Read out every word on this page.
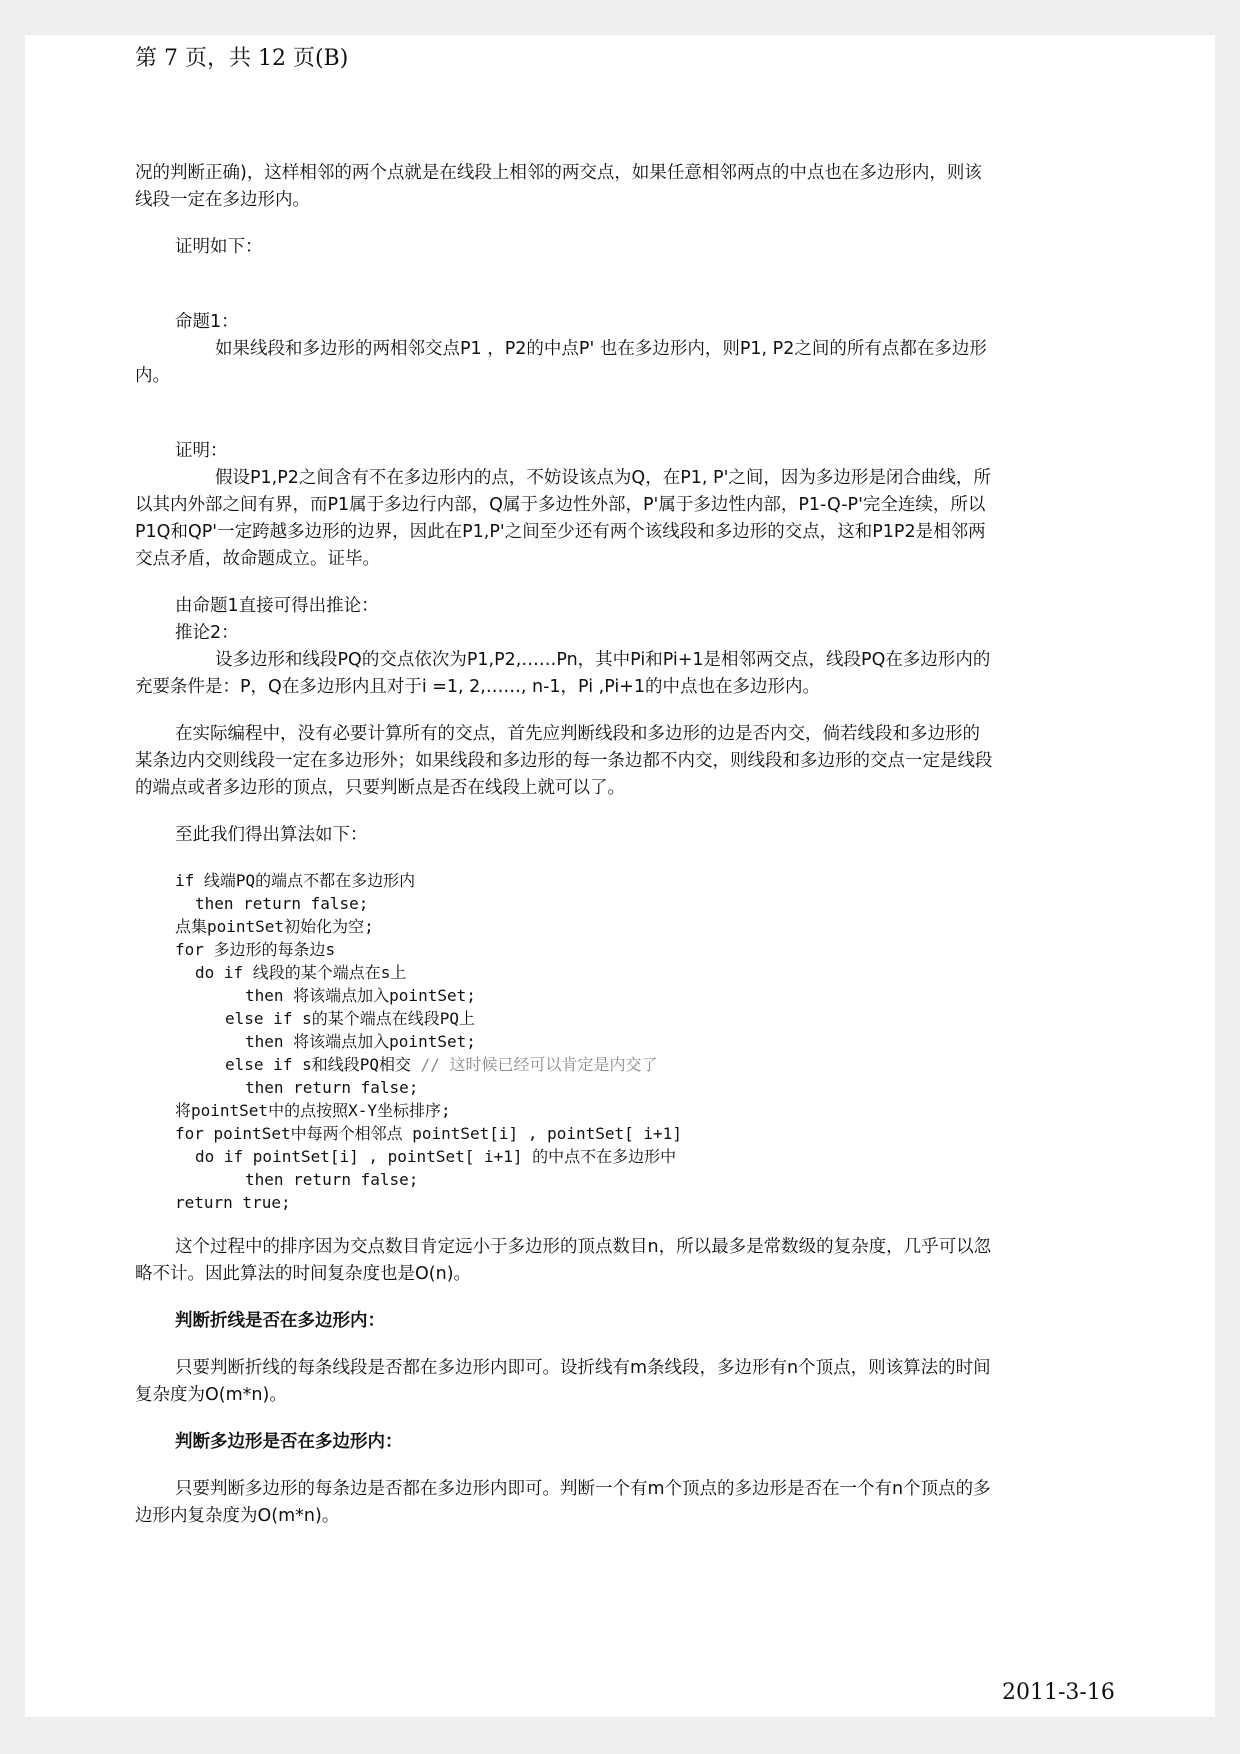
第 7 页，共 12 页(B)

况的判断正确)，这样相邻的两个点就是在线段上相邻的两交点，如果任意相邻两点的中点也在多边形内，则该线段一定在多边形内。

证明如下：

命题1：

如果线段和多边形的两相邻交点P1 ，P2的中点P' 也在多边形内，则P1, P2之间的所有点都在多边形内。

证明：

假设P1,P2之间含有不在多边形内的点，不妨设该点为Q，在P1, P'之间，因为多边形是闭合曲线，所以其内外部之间有界，而P1属于多边行内部，Q属于多边性外部，P'属于多边性内部，P1-Q-P'完全连续，所以P1Q和QP'一定跨越多边形的边界，因此在P1,P'之间至少还有两个该线段和多边形的交点，这和P1P2是相邻两交点矛盾，故命题成立。证毕。

由命题1直接可得出推论：

推论2：

设多边形和线段PQ的交点依次为P1,P2,……Pn，其中Pi和Pi+1是相邻两交点，线段PQ在多边形内的充要条件是：P，Q在多边形内且对于i =1, 2,……, n-1，Pi ,Pi+1的中点也在多边形内。

在实际编程中，没有必要计算所有的交点，首先应判断线段和多边形的边是否内交，倘若线段和多边形的某条边内交则线段一定在多边形外；如果线段和多边形的每一条边都不内交，则线段和多边形的交点一定是线段的端点或者多边形的顶点，只要判断点是否在线段上就可以了。

至此我们得出算法如下：

if 线端PQ的端点不都在多边形内
then return false;
点集pointSet初始化为空;
for 多边形的每条边s
do if 线段的某个端点在s上
then 将该端点加入pointSet;
else if s的某个端点在线段PQ上
then 将该端点加入pointSet;
else if s和线段PQ相交 // 这时候已经可以肯定是内交了
then return false;
将pointSet中的点按照X-Y坐标排序;
for pointSet中每两个相邻点 pointSet[i] , pointSet[ i+1]
do if pointSet[i] , pointSet[ i+1] 的中点不在多边形中
then return false;
return true;

这个过程中的排序因为交点数目肯定远小于多边形的顶点数目n，所以最多是常数级的复杂度，几乎可以忽略不计。因此算法的时间复杂度也是O(n)。

判断折线是否在多边形内：

只要判断折线的每条线段是否都在多边形内即可。设折线有m条线段，多边形有n个顶点，则该算法的时间复杂度为O(m*n)。

判断多边形是否在多边形内：

只要判断多边形的每条边是否都在多边形内即可。判断一个有m个顶点的多边形是否在一个有n个顶点的多边形内复杂度为O(m*n)。

2011-3-16
